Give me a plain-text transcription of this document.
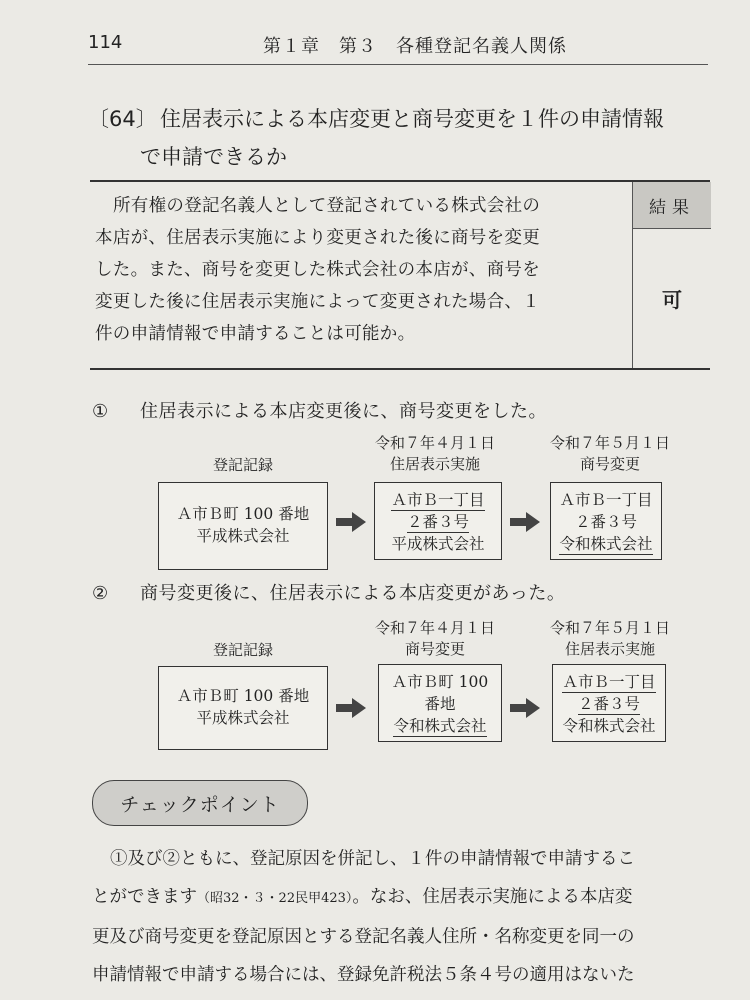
114	第１章　第３　各種登記名義人関係
〔64〕 住居表示による本店変更と商号変更を１件の申請情報
で申請できるか
所有権の登記名義人として登記されている株式会社の
本店が、住居表示実施により変更された後に商号を変更
した。また、商号を変更した株式会社の本店が、商号を
変更した後に住居表示実施によって変更された場合、１
件の申請情報で申請することは可能か。
結果
可
① 住居表示による本店変更後に、商号変更をした。
登記記録
令和７年４月１日
住居表示実施
令和７年５月１日
商号変更
Ａ市Ｂ町 100 番地
平成株式会社
Ａ市Ｂ一丁目
２番３号
平成株式会社
Ａ市Ｂ一丁目
２番３号
令和株式会社
② 商号変更後に、住居表示による本店変更があった。
登記記録
令和７年４月１日
商号変更
令和７年５月１日
住居表示実施
Ａ市Ｂ町 100 番地
平成株式会社
Ａ市Ｂ町 100
番地
令和株式会社
Ａ市Ｂ一丁目
２番３号
令和株式会社
チェックポイント
①及び②ともに、登記原因を併記し、１件の申請情報で申請するこ
とができます（昭32・３・22民甲423）。なお、住居表示実施による本店変
更及び商号変更を登記原因とする登記名義人住所・名称変更を同一の
申請情報で申請する場合には、登録免許税法５条４号の適用はないた
